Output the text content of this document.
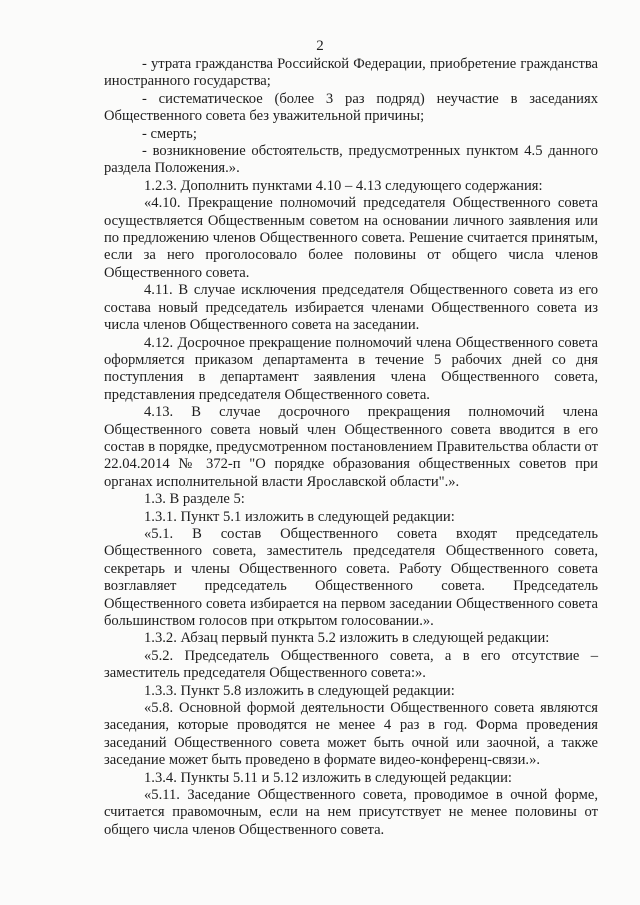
2

- утрата гражданства Российской Федерации, приобретение гражданства иностранного государства;

- систематическое (более 3 раз подряд) неучастие в заседаниях Общественного совета без уважительной причины;

- смерть;

- возникновение обстоятельств, предусмотренных пунктом 4.5 данного раздела Положения.».

1.2.3. Дополнить пунктами 4.10 – 4.13 следующего содержания:

«4.10. Прекращение полномочий председателя Общественного совета осуществляется Общественным советом на основании личного заявления или по предложению членов Общественного совета. Решение считается принятым, если за него проголосовало более половины от общего числа членов Общественного совета.

4.11. В случае исключения председателя Общественного совета из его состава новый председатель избирается членами Общественного совета из числа членов Общественного совета на заседании.

4.12. Досрочное прекращение полномочий члена Общественного совета оформляется приказом департамента в течение 5 рабочих дней со дня поступления в департамент заявления члена Общественного совета, представления председателя Общественного совета.

4.13. В случае досрочного прекращения полномочий члена Общественного совета новый член Общественного совета вводится в его состав в порядке, предусмотренном постановлением Правительства области от 22.04.2014 № 372-п "О порядке образования общественных советов при органах исполнительной власти Ярославской области".».

1.3. В разделе 5:

1.3.1. Пункт 5.1 изложить в следующей редакции:

«5.1. В состав Общественного совета входят председатель Общественного совета, заместитель председателя Общественного совета, секретарь и члены Общественного совета. Работу Общественного совета возглавляет председатель Общественного совета. Председатель Общественного совета избирается на первом заседании Общественного совета большинством голосов при открытом голосовании.».

1.3.2. Абзац первый пункта 5.2 изложить в следующей редакции:

«5.2. Председатель Общественного совета, а в его отсутствие – заместитель председателя Общественного совета:».

1.3.3. Пункт 5.8 изложить в следующей редакции:

«5.8. Основной формой деятельности Общественного совета являются заседания, которые проводятся не менее 4 раз в год. Форма проведения заседаний Общественного совета может быть очной или заочной, а также заседание может быть проведено в формате видео-конференц-связи.».

1.3.4. Пункты 5.11 и 5.12 изложить в следующей редакции:

«5.11. Заседание Общественного совета, проводимое в очной форме, считается правомочным, если на нем присутствует не менее половины от общего числа членов Общественного совета.
